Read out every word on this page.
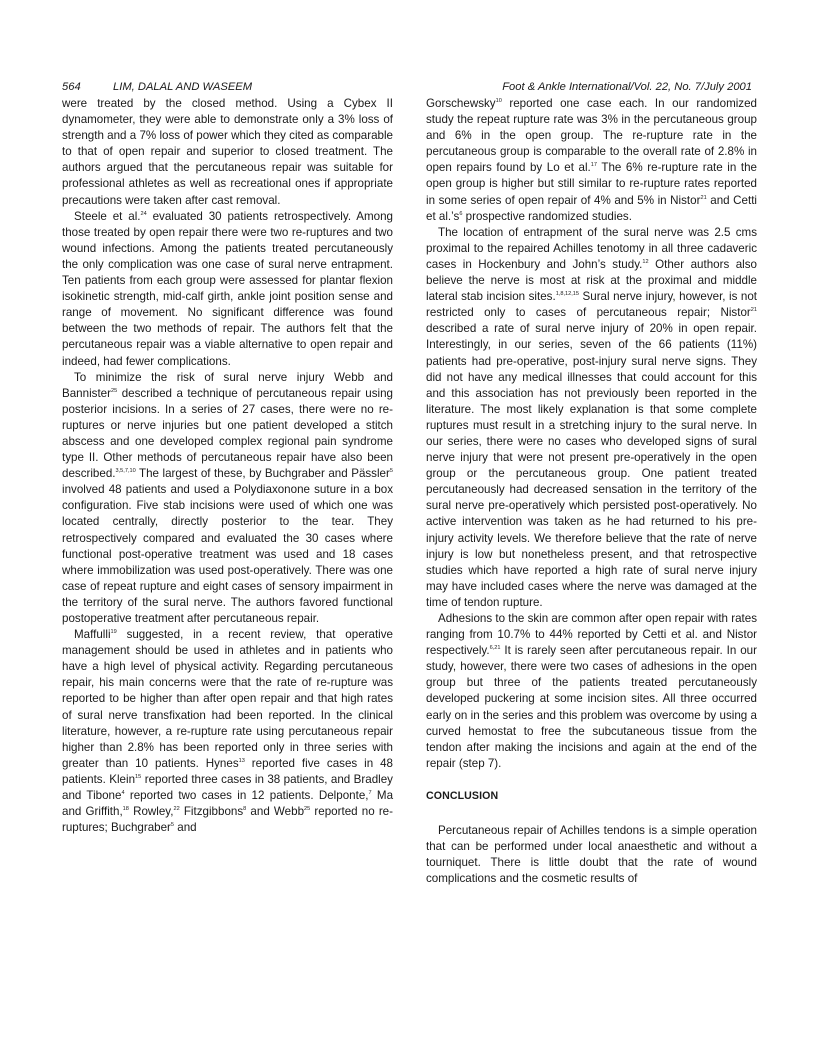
564	LIM, DALAL AND WASEEM	Foot & Ankle International/Vol. 22, No. 7/July 2001

were treated by the closed method. Using a Cybex II dynamometer, they were able to demonstrate only a 3% loss of strength and a 7% loss of power which they cited as comparable to that of open repair and superior to closed treatment. The authors argued that the percutaneous repair was suitable for professional athletes as well as recreational ones if appropriate precautions were taken after cast removal.

Steele et al.$^{24}$ evaluated 30 patients retrospectively. Among those treated by open repair there were two re-ruptures and two wound infections. Among the patients treated percutaneously the only complication was one case of sural nerve entrapment. Ten patients from each group were assessed for plantar flexion isokinetic strength, mid-calf girth, ankle joint position sense and range of movement. No significant difference was found between the two methods of repair. The authors felt that the percutaneous repair was a viable alternative to open repair and indeed, had fewer complications.

To minimize the risk of sural nerve injury Webb and Bannister$^{25}$ described a technique of percutaneous repair using posterior incisions. In a series of 27 cases, there were no re-ruptures or nerve injuries but one patient developed a stitch abscess and one developed complex regional pain syndrome type II. Other methods of percutaneous repair have also been described.$^{3,5,7,10}$ The largest of these, by Buchgraber and Pässler$^5$ involved 48 patients and used a Polydiaxonone suture in a box configuration. Five stab incisions were used of which one was located centrally, directly posterior to the tear. They retrospectively compared and evaluated the 30 cases where functional post-operative treatment was used and 18 cases where immobilization was used post-operatively. There was one case of repeat rupture and eight cases of sensory impairment in the territory of the sural nerve. The authors favored functional postoperative treatment after percutaneous repair.

Maffulli$^{19}$ suggested, in a recent review, that operative management should be used in athletes and in patients who have a high level of physical activity. Regarding percutaneous repair, his main concerns were that the rate of re-rupture was reported to be higher than after open repair and that high rates of sural nerve transfixation had been reported. In the clinical literature, however, a re-rupture rate using percutaneous repair higher than 2.8% has been reported only in three series with greater than 10 patients. Hynes$^{13}$ reported five cases in 48 patients. Klein$^{15}$ reported three cases in 38 patients, and Bradley and Tibone$^4$ reported two cases in 12 patients. Delponte,$^7$ Ma and Griffith,$^{18}$ Rowley,$^{22}$ Fitzgibbons$^8$ and Webb$^{25}$ reported no re-ruptures; Buchgraber$^5$ and

Gorschewsky$^{10}$ reported one case each. In our randomized study the repeat rupture rate was 3% in the percutaneous group and 6% in the open group. The re-rupture rate in the percutaneous group is comparable to the overall rate of 2.8% in open repairs found by Lo et al.$^{17}$ The 6% re-rupture rate in the open group is higher but still similar to re-rupture rates reported in some series of open repair of 4% and 5% in Nistor$^{21}$ and Cetti et $al.’s^6$ prospective randomized studies.

The location of entrapment of the sural nerve was 2.5 cms proximal to the repaired Achilles tenotomy in all three cadaveric cases in Hockenbury and John’s study.$^{12}$ Other authors also believe the nerve is most at risk at the proximal and middle lateral stab incision sites.$^{1,8,12,15}$ Sural nerve injury, however, is not restricted only to cases of percutaneous repair; Nistor$^{21}$ described a rate of sural nerve injury of 20% in open repair. Interestingly, in our series, seven of the 66 patients (11%) patients had pre-operative, post-injury sural nerve signs. They did not have any medical illnesses that could account for this and this association has not previously been reported in the literature. The most likely explanation is that some complete ruptures must result in a stretching injury to the sural nerve. In our series, there were no cases who developed signs of sural nerve injury that were not present pre-operatively in the open group or the percutaneous group. One patient treated percutaneously had decreased sensation in the territory of the sural nerve pre-operatively which persisted post-operatively. No active intervention was taken as he had returned to his pre-injury activity levels. We therefore believe that the rate of nerve injury is low but nonetheless present, and that retrospective studies which have reported a high rate of sural nerve injury may have included cases where the nerve was damaged at the time of tendon rupture.

Adhesions to the skin are common after open repair with rates ranging from 10.7% to 44% reported by Cetti et al. and Nistor respectively.$^{6,21}$ It is rarely seen after percutaneous repair. In our study, however, there were two cases of adhesions in the open group but three of the patients treated percutaneously developed puckering at some incision sites. All three occurred early on in the series and this problem was overcome by using a curved hemostat to free the subcutaneous tissue from the tendon after making the incisions and again at the end of the repair (step 7).

CONCLUSION

Percutaneous repair of Achilles tendons is a simple operation that can be performed under local anaesthetic and without a tourniquet. There is little doubt that the rate of wound complications and the cosmetic results of
